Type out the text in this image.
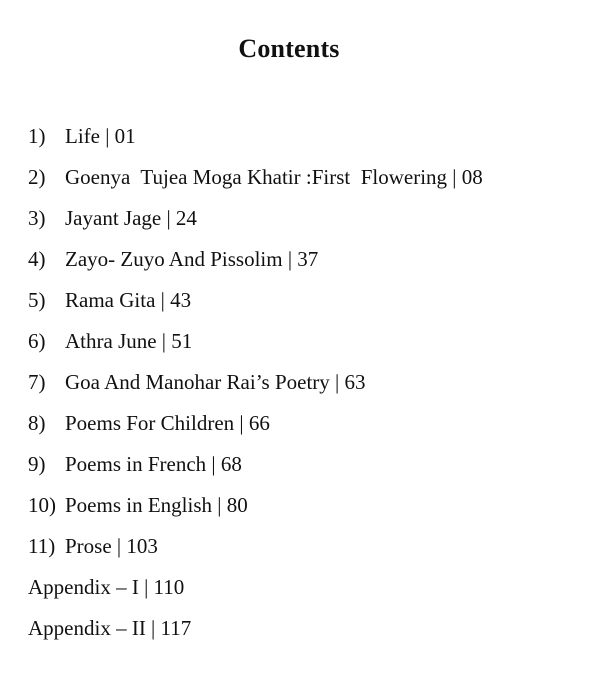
Contents
1) Life | 01
2) Goenya  Tujea Moga Khatir :First  Flowering | 08
3) Jayant Jage | 24
4) Zayo- Zuyo And Pissolim | 37
5) Rama Gita | 43
6) Athra June | 51
7) Goa And Manohar Rai’s Poetry | 63
8) Poems For Children | 66
9) Poems in French | 68
10) Poems in English | 80
11) Prose | 103
Appendix – I | 110
Appendix – II | 117
